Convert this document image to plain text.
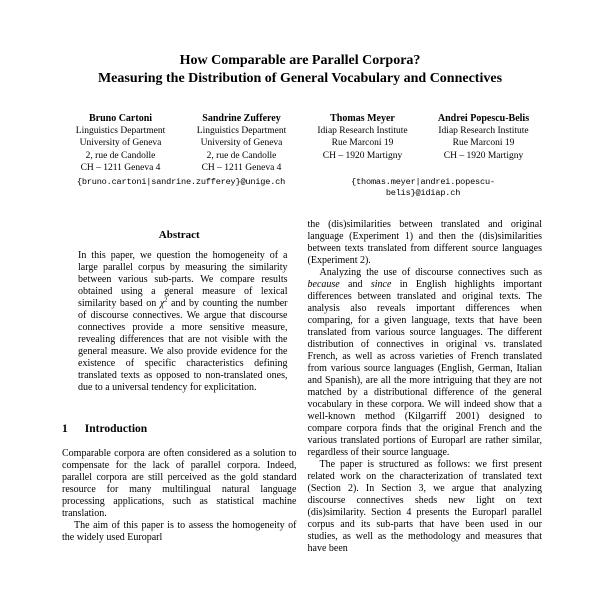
How Comparable are Parallel Corpora?
Measuring the Distribution of General Vocabulary and Connectives
Bruno Cartoni
Linguistics Department
University of Geneva
2, rue de Candolle
CH – 1211 Geneva 4
Sandrine Zufferey
Linguistics Department
University of Geneva
2, rue de Candolle
CH – 1211 Geneva 4
{bruno.cartoni|sandrine.zufferey}@unige.ch
Thomas Meyer
Idiap Research Institute
Rue Marconi 19
CH – 1920 Martigny
Andrei Popescu-Belis
Idiap Research Institute
Rue Marconi 19
CH – 1920 Martigny
{thomas.meyer|andrei.popescu-
belis}@idiap.ch
Abstract
In this paper, we question the homogeneity of a large parallel corpus by measuring the similarity between various sub-parts. We compare results obtained using a general measure of lexical similarity based on $\chi^2$ and by counting the number of discourse connectives. We argue that discourse connectives provide a more sensitive measure, revealing differences that are not visible with the general measure. We also provide evidence for the existence of specific characteristics defining translated texts as opposed to non-translated ones, due to a universal tendency for explicitation.
1 Introduction
Comparable corpora are often considered as a solution to compensate for the lack of parallel corpora. Indeed, parallel corpora are still perceived as the gold standard resource for many multilingual natural language processing applications, such as statistical machine translation.
The aim of this paper is to assess the homogeneity of the widely used Europarl
the (dis)similarities between translated and original language (Experiment 1) and then the (dis)similarities between texts translated from different source languages (Experiment 2).
Analyzing the use of discourse connectives such as because and since in English highlights important differences between translated and original texts. The analysis also reveals important differences when comparing, for a given language, texts that have been translated from various source languages. The different distribution of connectives in original vs. translated French, as well as across varieties of French translated from various source languages (English, German, Italian and Spanish), are all the more intriguing that they are not matched by a distributional difference of the general vocabulary in these corpora. We will indeed show that a well-known method (Kilgarriff 2001) designed to compare corpora finds that the original French and the various translated portions of Europarl are rather similar, regardless of their source language.
The paper is structured as follows: we first present related work on the characterization of translated text (Section 2). In Section 3, we argue that analyzing discourse connectives sheds new light on text (dis)similarity. Section 4 presents the Europarl parallel corpus and its sub-parts that have been used in our studies, as well as the methodology and measures that have been
